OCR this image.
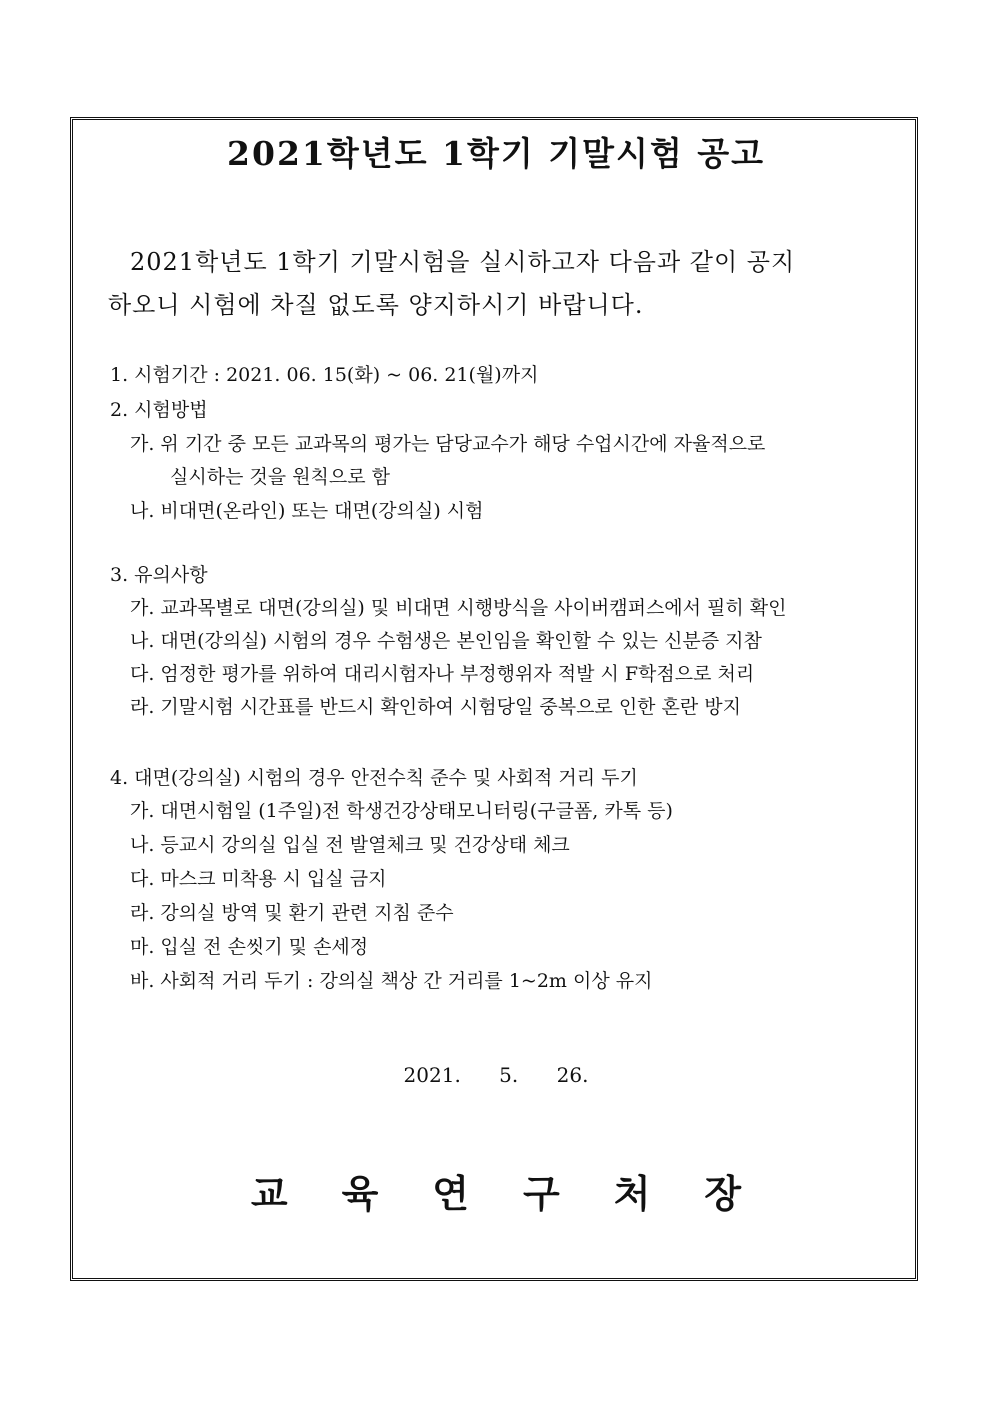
2021학년도 1학기 기말시험 공고
2021학년도 1학기 기말시험을 실시하고자 다음과 같이 공지
하오니 시험에 차질 없도록 양지하시기 바랍니다.
1. 시험기간 : 2021. 06. 15(화) ~ 06. 21(월)까지
2. 시험방법
가. 위 기간 중 모든 교과목의 평가는 담당교수가 해당 수업시간에 자율적으로
실시하는 것을 원칙으로 함
나. 비대면(온라인) 또는 대면(강의실) 시험
3. 유의사항
가. 교과목별로 대면(강의실) 및 비대면 시행방식을 사이버캠퍼스에서 필히 확인
나. 대면(강의실) 시험의 경우 수험생은 본인임을 확인할 수 있는 신분증 지참
다. 엄정한 평가를 위하여 대리시험자나 부정행위자 적발 시 F학점으로 처리
라. 기말시험 시간표를 반드시 확인하여 시험당일 중복으로 인한 혼란 방지
4. 대면(강의실) 시험의 경우 안전수칙 준수 및 사회적 거리 두기
가. 대면시험일 (1주일)전 학생건강상태모니터링(구글폼, 카톡 등)
나. 등교시 강의실 입실 전 발열체크 및 건강상태 체크
다. 마스크 미착용 시 입실 금지
라. 강의실 방역 및 환기 관련 지침 준수
마. 입실 전 손씻기 및 손세정
바. 사회적 거리 두기 : 강의실 책상 간 거리를 1~2m 이상 유지
2021. 5. 26.
교육연구처장
